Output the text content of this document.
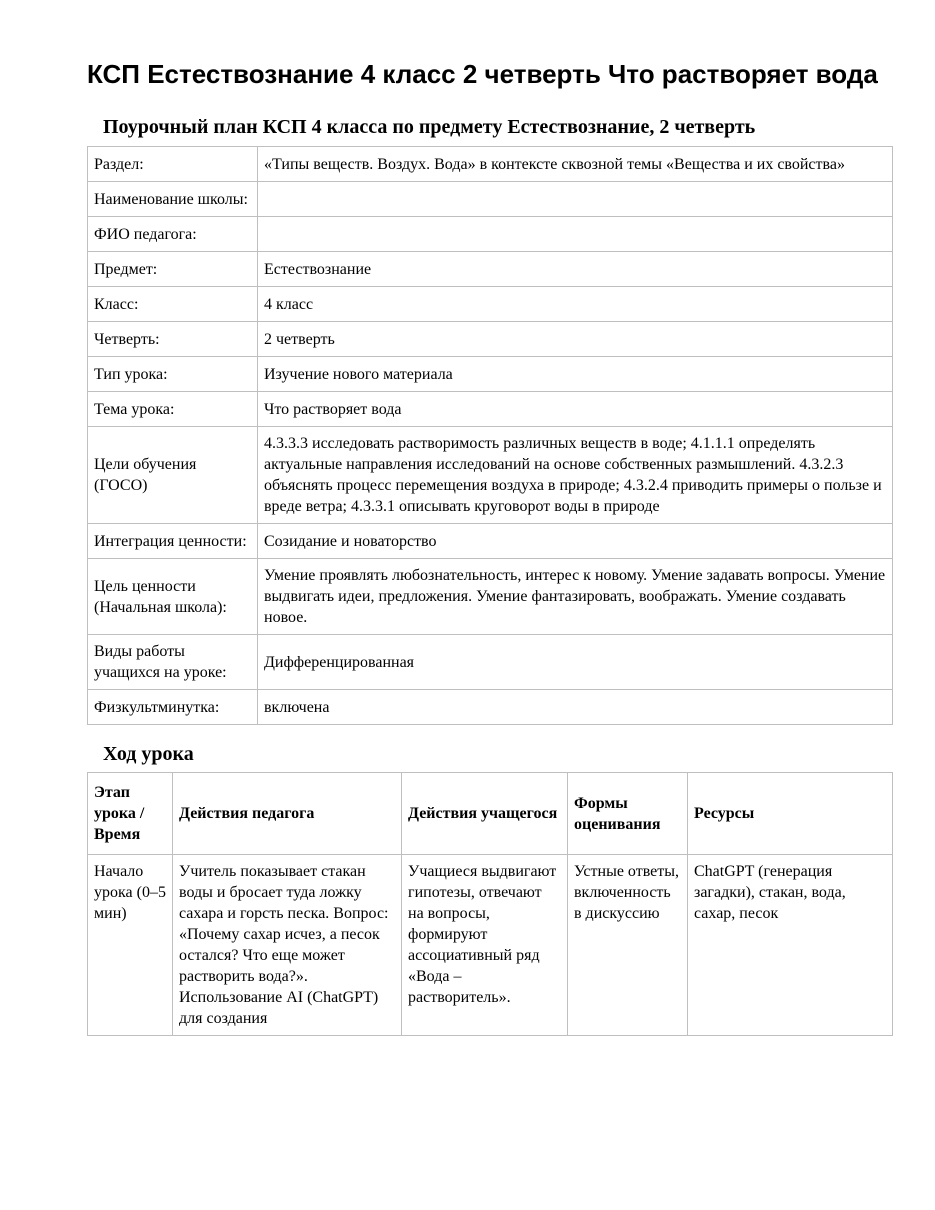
КСП Естествознание 4 класс 2 четверть Что растворяет вода
Поурочный план КСП 4 класса по предмету Естествознание, 2 четверть
Раздел:	«Типы веществ. Воздух. Вода» в контексте сквозной темы «Вещества и их свойства»
Наименование школы:	
ФИО педагога:	
Предмет:	Естествознание
Класс:	4 класс
Четверть:	2 четверть
Тип урока:	Изучение нового материала
Тема урока:	Что растворяет вода
Цели обучения (ГОСО)	4.3.3.3 исследовать растворимость различных веществ в воде; 4.1.1.1 определять актуальные направления исследований на основе собственных размышлений. 4.3.2.3 объяснять процесс перемещения воздуха в природе; 4.3.2.4 приводить примеры о пользе и вреде ветра; 4.3.3.1 описывать круговорот воды в природе
Интеграция ценности:	Созидание и новаторство
Цель ценности (Начальная школа):	Умение проявлять любознательность, интерес к новому. Умение задавать вопросы. Умение выдвигать идеи, предложения. Умение фантазировать, воображать. Умение создавать новое.
Виды работы учащихся на уроке:	Дифференцированная
Физкультминутка:	включена
Ход урока
Этап урока / Время	Действия педагога	Действия учащегося	Формы оценивания	Ресурсы
Начало урока (0–5 мин)	Учитель показывает стакан воды и бросает туда ложку сахара и горсть песка. Вопрос: «Почему сахар исчез, а песок остался? Что еще может растворить вода?». Использование AI (ChatGPT) для создания	Учащиеся выдвигают гипотезы, отвечают на вопросы, формируют ассоциативный ряд «Вода – растворитель».	Устные ответы, включенность в дискуссию	ChatGPT (генерация загадки), стакан, вода, сахар, песок
